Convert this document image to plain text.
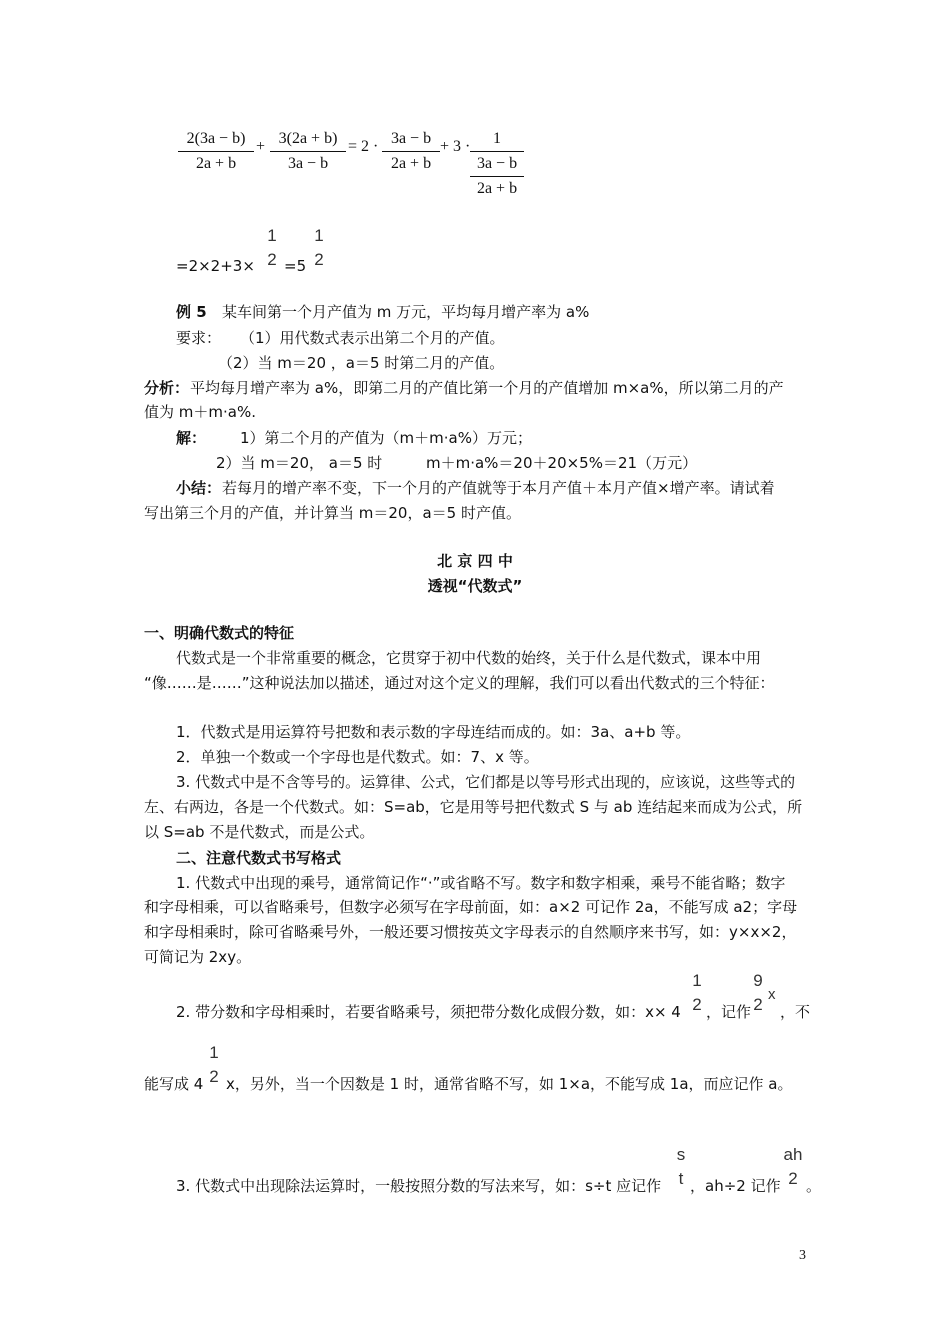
2(3a − b)
2a + b
+ 3(2a + b)
3a − b
= 2 · 3a − b
2a + b
+ 3 ·	1
3a − b
2a + b
=2×2+3×
1
2 =5
1
2
例 5 某车间第一个月产值为 m 万元，平均每月增产率为 a%
要求： （1）用代数式表示出第二个月的产值。
（2）当 m＝20 ，a＝5 时第二月的产值。
分析： 平均每月增产率为 a%，即第二月的产值比第一个月的产值增加 m×a%，所以第二月的产
值为 m＋m·a%.
解： 1）第二个月的产值为（m＋m·a%）万元；
2）当 m＝20， a＝5 时	m＋m·a%＝20＋20×5%＝21（万元）
小结： 若每月的增产率不变，下一个月的产值就等于本月产值＋本月产值×增产率。请试着
写出第三个月的产值，并计算当 m＝20，a＝5 时产值。
北 京 四 中
透视“代数式”
一、明确代数式的特征
代数式是一个非常重要的概念，它贯穿于初中代数的始终，关于什么是代数式，课本中用
“像……是……”这种说法加以描述，通过对这个定义的理解，我们可以看出代数式的三个特征：
1．代数式是用运算符号把数和表示数的字母连结而成的。如：3a、a+b 等。
2．单独一个数或一个字母也是代数式。如：7、x 等。
3. 代数式中是不含等号的。运算律、公式，它们都是以等号形式出现的，应该说，这些等式的
左、右两边，各是一个代数式。如：S=ab，它是用等号把代数式 S 与 ab 连结起来而成为公式，所
以 S=ab 不是代数式，而是公式。
二、注意代数式书写格式
1. 代数式中出现的乘号，通常简记作“·”或省略不写。数字和数字相乘，乘号不能省略；数字
和字母相乘，可以省略乘号，但数字必须写在字母前面，如：a×2 可记作 2a，不能写成 a2；字母
和字母相乘时，除可省略乘号外，一般还要习惯按英文字母表示的自然顺序来书写，如：y×x×2，
可简记为 2xy。
2. 带分数和字母相乘时，若要省略乘号，须把带分数化成假分数，如：x× 4
1
2 ，记作
9
2
x
，不
能写成 4
1
2 x，另外，当一个因数是 1 时，通常省略不写，如 1×a，不能写成 1a，而应记作 a。
3. 代数式中出现除法运算时，一般按照分数的写法来写，如：s÷t 应记作
s
t ，ah÷2 记作
ah
2 。
3
